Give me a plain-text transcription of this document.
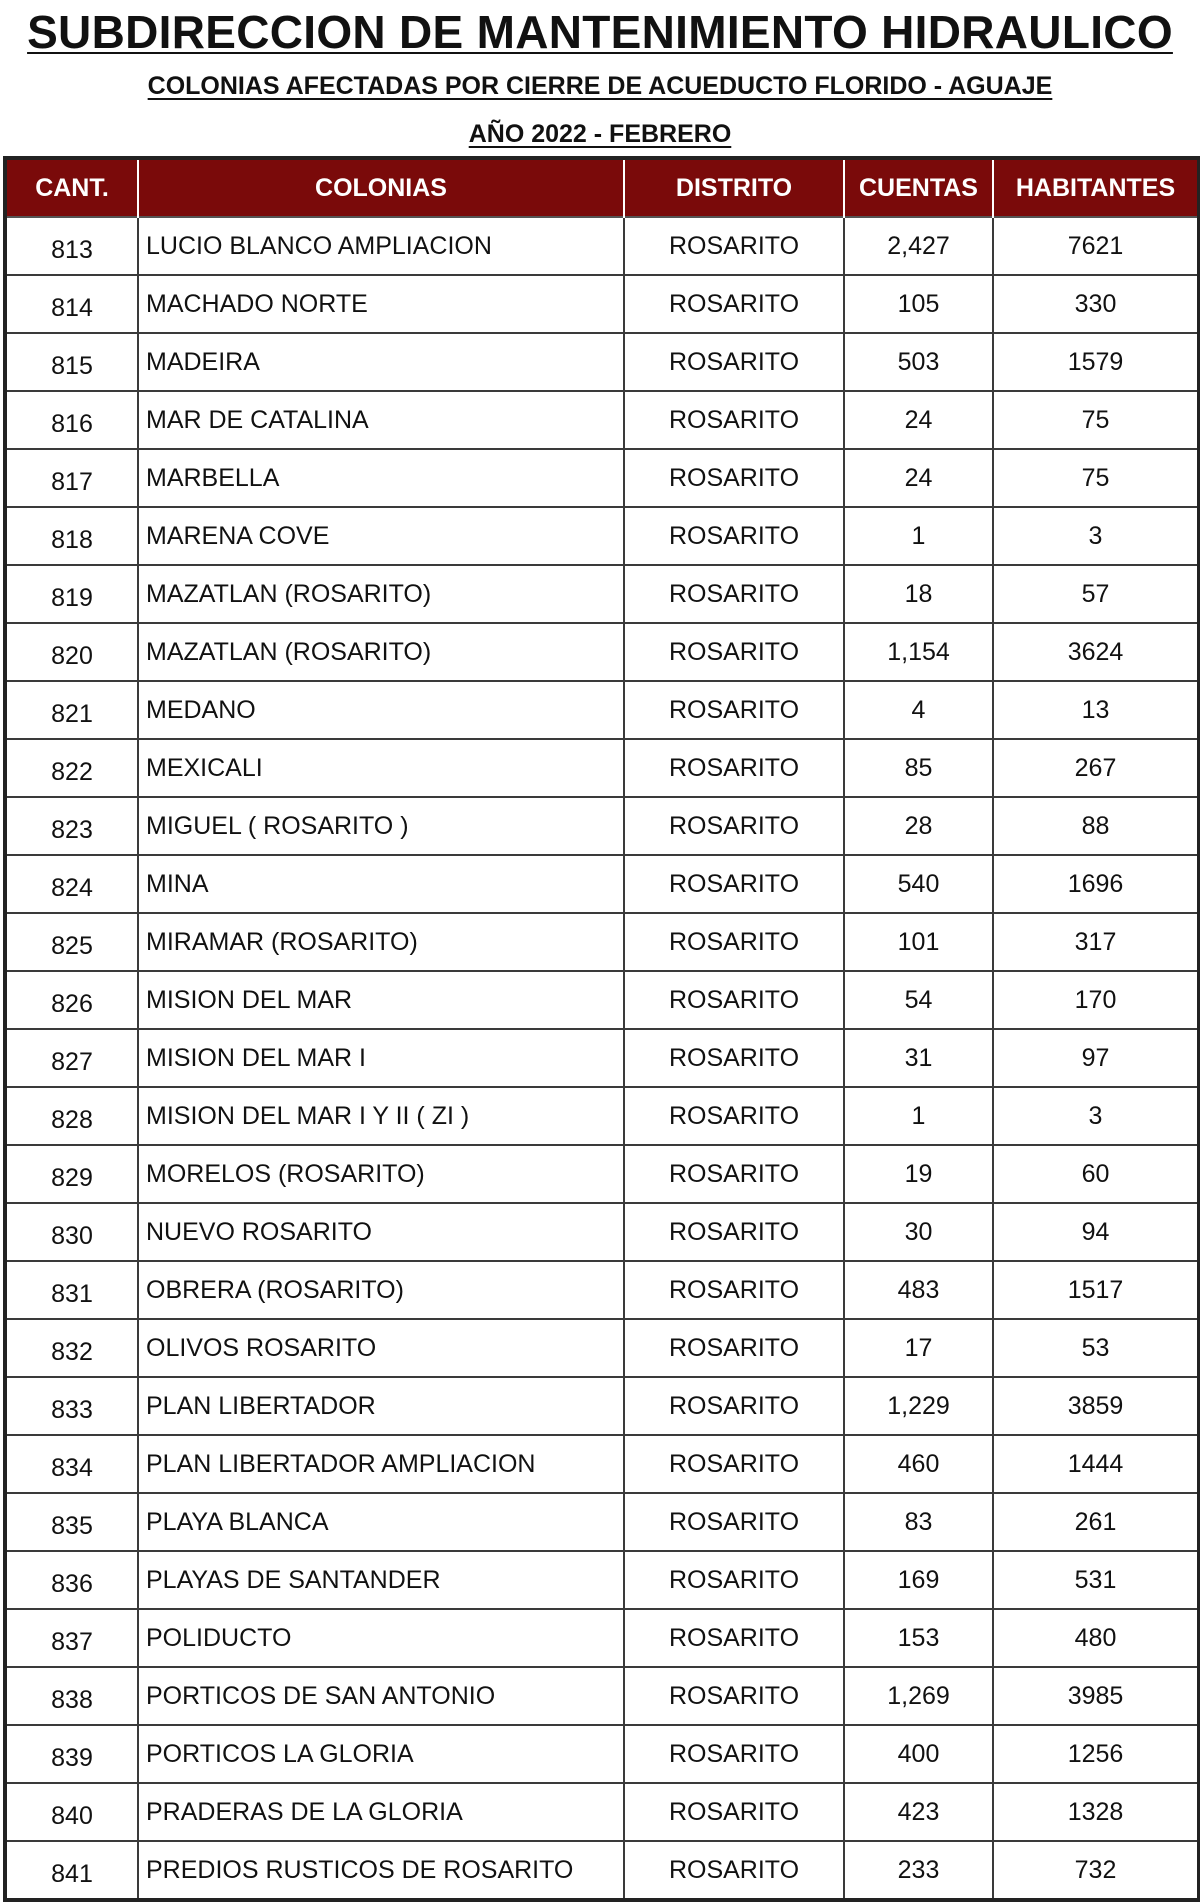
SUBDIRECCION DE MANTENIMIENTO HIDRAULICO
COLONIAS AFECTADAS POR CIERRE DE ACUEDUCTO FLORIDO - AGUAJE
AÑO 2022 - FEBRERO
CANT.	COLONIAS	DISTRITO	CUENTAS	HABITANTES
813	LUCIO BLANCO AMPLIACION	ROSARITO	2,427	7621
814	MACHADO NORTE	ROSARITO	105	330
815	MADEIRA	ROSARITO	503	1579
816	MAR DE CATALINA	ROSARITO	24	75
817	MARBELLA	ROSARITO	24	75
818	MARENA COVE	ROSARITO	1	3
819	MAZATLAN (ROSARITO)	ROSARITO	18	57
820	MAZATLAN (ROSARITO)	ROSARITO	1,154	3624
821	MEDANO	ROSARITO	4	13
822	MEXICALI	ROSARITO	85	267
823	MIGUEL ( ROSARITO )	ROSARITO	28	88
824	MINA	ROSARITO	540	1696
825	MIRAMAR (ROSARITO)	ROSARITO	101	317
826	MISION DEL MAR	ROSARITO	54	170
827	MISION DEL MAR I	ROSARITO	31	97
828	MISION DEL MAR I Y II ( ZI )	ROSARITO	1	3
829	MORELOS (ROSARITO)	ROSARITO	19	60
830	NUEVO ROSARITO	ROSARITO	30	94
831	OBRERA (ROSARITO)	ROSARITO	483	1517
832	OLIVOS ROSARITO	ROSARITO	17	53
833	PLAN LIBERTADOR	ROSARITO	1,229	3859
834	PLAN LIBERTADOR AMPLIACION	ROSARITO	460	1444
835	PLAYA BLANCA	ROSARITO	83	261
836	PLAYAS DE SANTANDER	ROSARITO	169	531
837	POLIDUCTO	ROSARITO	153	480
838	PORTICOS DE SAN ANTONIO	ROSARITO	1,269	3985
839	PORTICOS LA GLORIA	ROSARITO	400	1256
840	PRADERAS DE LA GLORIA	ROSARITO	423	1328
841	PREDIOS RUSTICOS DE ROSARITO	ROSARITO	233	732
